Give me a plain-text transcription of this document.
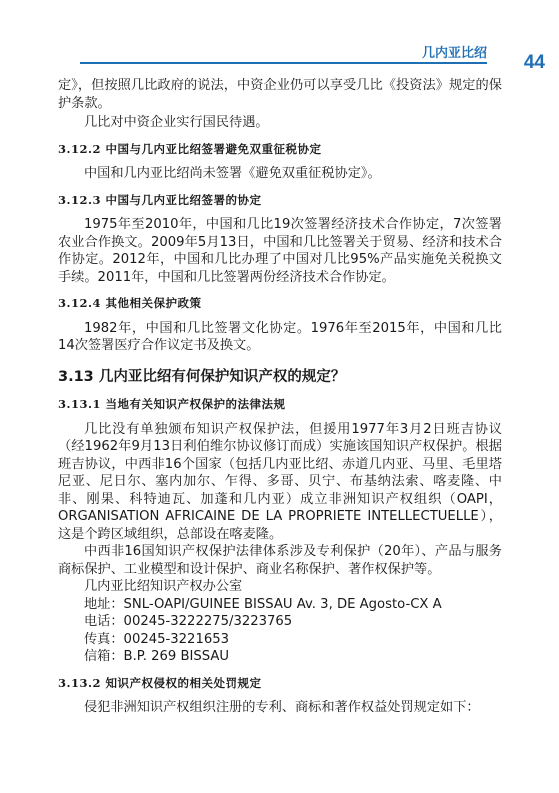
几内亚比绍 44

定》，但按照几比政府的说法，中资企业仍可以享受几比《投资法》规定的保护条款。

几比对中资企业实行国民待遇。

3.12.2 中国与几内亚比绍签署避免双重征税协定

中国和几内亚比绍尚未签署《避免双重征税协定》。

3.12.3 中国与几内亚比绍签署的协定

1975年至2010年，中国和几比19次签署经济技术合作协定，7次签署农业合作换文。2009年5月13日，中国和几比签署关于贸易、经济和技术合作协定。2012年，中国和几比办理了中国对几比95%产品实施免关税换文手续。2011年，中国和几比签署两份经济技术合作协定。

3.12.4 其他相关保护政策

1982年，中国和几比签署文化协定。1976年至2015年，中国和几比14次签署医疗合作议定书及换文。

3.13 几内亚比绍有何保护知识产权的规定？
3.13.1 当地有关知识产权保护的法律法规

几比没有单独颁布知识产权保护法，但援用1977年3月2日班吉协议（经1962年9月13日利伯维尔协议修订而成）实施该国知识产权保护。根据班吉协议，中西非16个国家（包括几内亚比绍、赤道几内亚、马里、毛里塔尼亚、尼日尔、塞内加尔、乍得、多哥、贝宁、布基纳法索、喀麦隆、中非、刚果、科特迪瓦、加蓬和几内亚）成立非洲知识产权组织（OAPI，ORGANISATION AFRICAINE DE LA PROPRIETE INTELLECTUELLE），这是个跨区域组织，总部设在喀麦隆。

中西非16国知识产权保护法律体系涉及专利保护（20年）、产品与服务商标保护、工业模型和设计保护、商业名称保护、著作权保护等。

几内亚比绍知识产权办公室

地址：SNL-OAPI/GUINEE BISSAU Av. 3, DE Agosto-CX A

电话：00245-3222275/3223765

传真：00245-3221653

信箱：B.P. 269 BISSAU

3.13.2 知识产权侵权的相关处罚规定

侵犯非洲知识产权组织注册的专利、商标和著作权益处罚规定如下：
